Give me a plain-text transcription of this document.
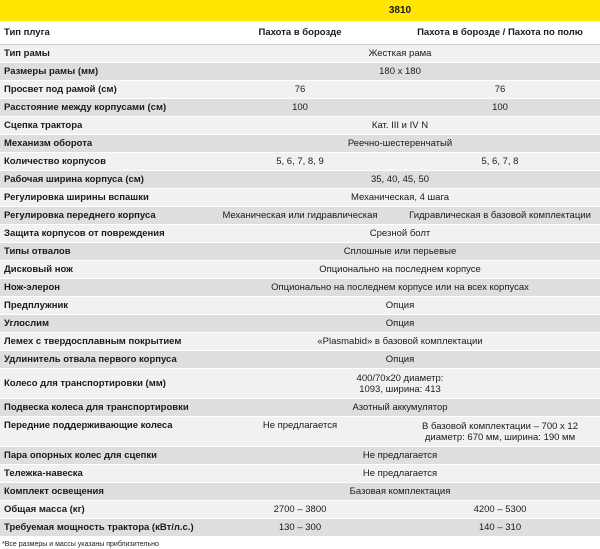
	3810	
Тип плуга	Пахота в борозде	Пахота в борозде / Пахота по полю
Тип рамы	Жесткая рама	
Размеры рамы (мм)	180 x 180	
Просвет под рамой (см)	76	76
Расстояние между корпусами (см)	100	100
Сцепка трактора	Кат. III и IV N	
Механизм оборота	Реечно-шестеренчатый	
Количество корпусов	5, 6, 7, 8, 9	5, 6, 7, 8
Рабочая ширина корпуса (см)	35, 40, 45, 50	
Регулировка ширины вспашки	Механическая, 4 шага	
Регулировка переднего корпуса	Механическая или гидравлическая	Гидравлическая в базовой комплектации
Защита корпусов от повреждения	Срезной болт	
Типы отвалов	Сплошные или перьевые	
Дисковый нож	Опционально на последнем корпусе	
Нож-элерон	Опционально на последнем корпусе или на всех корпусах	
Предплужник	Опция	
Углослим	Опция	
Лемех с твердосплавным покрытием	«Plasmabid» в базовой комплектации	
Удлинитель отвала первого корпуса	Опция	
Колесо для транспортировки (мм)	400/70x20 диаметр:
1093, ширина: 413	

Подвеска колеса для транспортировки	Азотный аккумулятор	
Передние поддерживающие колеса	Не предлагается	В базовой комплектации – 700 x 12
диаметр: 670 мм, ширина: 190 мм

Пара опорных колес для сцепки	Не предлагается	
Тележка-навеска	Не предлагается	
Комплект освещения	Базовая комплектация	
Общая масса (кг)	2700 – 3800	4200 – 5300
Требуемая мощность трактора (кВт/л.с.)	130 – 300	140 – 310
*Все размеры и массы указаны приблизительно
